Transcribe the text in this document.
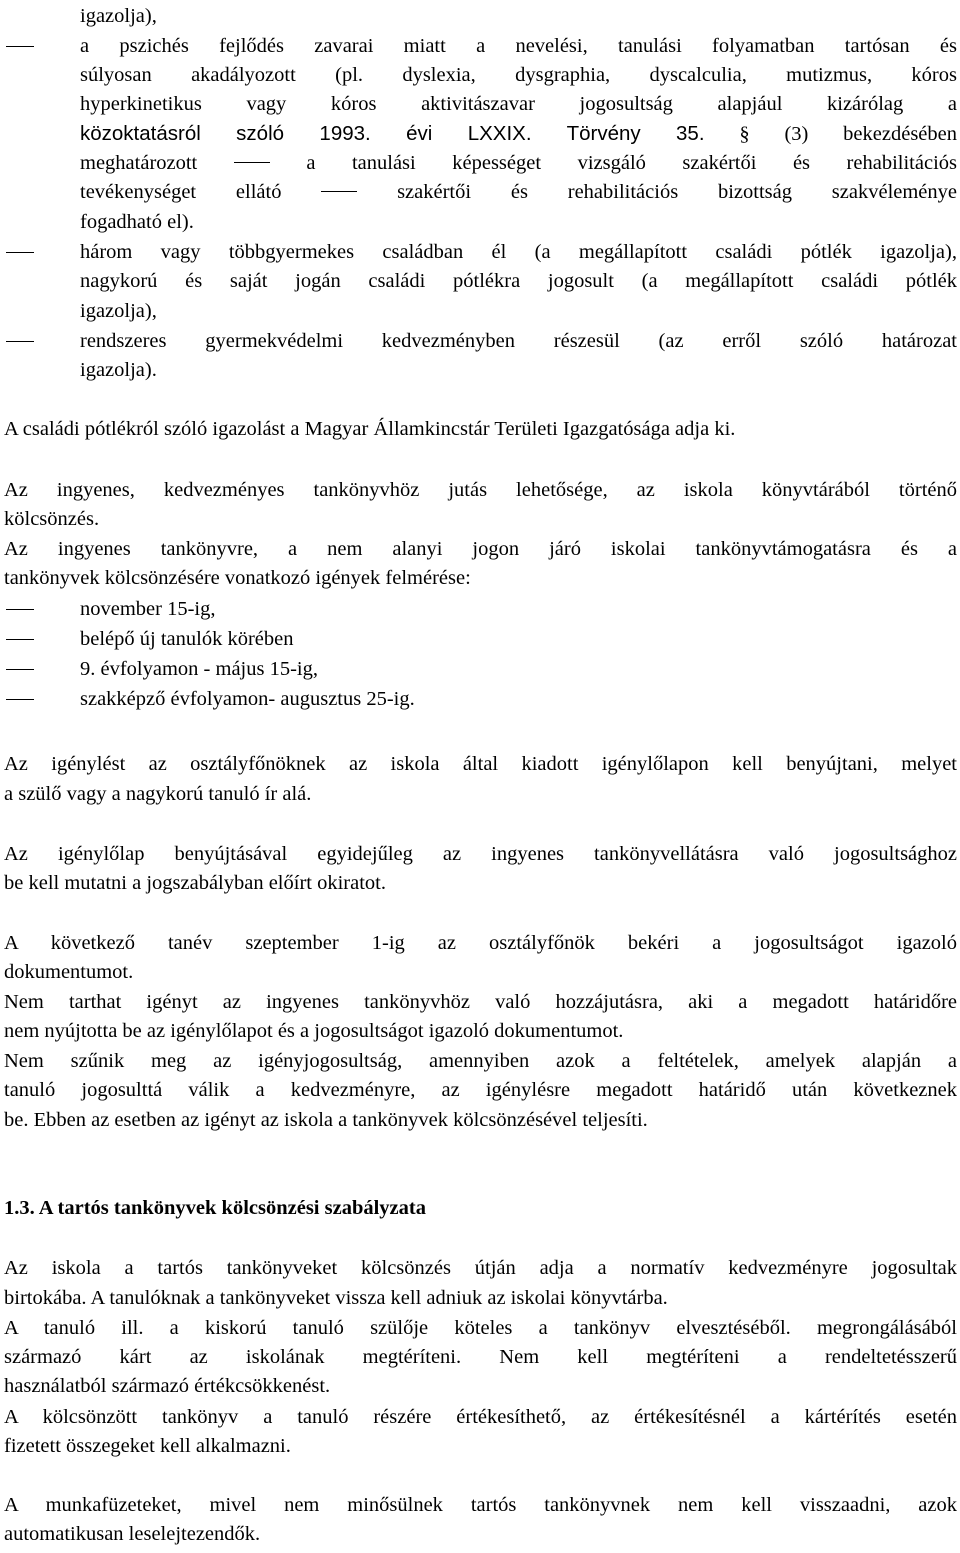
igazolja),
a pszichés fejlődés zavarai miatt a nevelési, tanulási folyamatban tartósan és
súlyosan akadályozott (pl. dyslexia, dysgraphia, dyscalculia, mutizmus, kóros
hyperkinetikus vagy kóros aktivitászavar jogosultság alapjául kizárólag a
közoktatásról szóló 1993. évi LXXIX. Törvény 35. § (3) bekezdésében
meghatározott	a tanulási képességet vizsgáló szakértői és rehabilitációs
tevékenységet ellátó	szakértői és rehabilitációs bizottság szakvéleménye
fogadható el).
három vagy többgyermekes családban él (a megállapított családi pótlék igazolja),
nagykorú és saját jogán családi pótlékra jogosult (a megállapított családi pótlék
igazolja),
rendszeres gyermekvédelmi kedvezményben részesül (az erről szóló határozat
igazolja).
A családi pótlékról szóló igazolást a Magyar Államkincstár Területi Igazgatósága adja ki.
Az ingyenes, kedvezményes tankönyvhöz jutás lehetősége, az iskola könyvtárából történő
kölcsönzés.
Az ingyenes tankönyvre, a nem alanyi jogon járó iskolai tankönyvtámogatásra és a
tankönyvek kölcsönzésére vonatkozó igények felmérése:
november 15-ig,
belépő új tanulók körében
9. évfolyamon - május 15-ig,
szakképző évfolyamon- augusztus 25-ig.
Az igénylést az osztályfőnöknek az iskola által kiadott igénylőlapon kell benyújtani, melyet
a szülő vagy a nagykorú tanuló ír alá.
Az igénylőlap benyújtásával egyidejűleg az ingyenes tankönyvellátásra való jogosultsághoz
be kell mutatni a jogszabályban előírt okiratot.
A következő tanév szeptember 1-ig az osztályfőnök bekéri a jogosultságot igazoló
dokumentumot.
Nem tarthat igényt az ingyenes tankönyvhöz való hozzájutásra, aki a megadott határidőre
nem nyújtotta be az igénylőlapot és a jogosultságot igazoló dokumentumot.
Nem szűnik meg az igényjogosultság, amennyiben azok a feltételek, amelyek alapján a
tanuló jogosulttá válik a kedvezményre, az igénylésre megadott határidő után következnek
be. Ebben az esetben az igényt az iskola a tankönyvek kölcsönzésével teljesíti.
1.3. A tartós tankönyvek kölcsönzési szabályzata
Az iskola a tartós tankönyveket kölcsönzés útján adja a normatív kedvezményre jogosultak
birtokába. A tanulóknak a tankönyveket vissza kell adniuk az iskolai könyvtárba.
A tanuló ill. a kiskorú tanuló szülője köteles a tankönyv elvesztéséből. megrongálásából
származó kárt az iskolának megtéríteni. Nem kell megtéríteni a rendeltetésszerű
használatból származó értékcsökkenést.
A kölcsönzött tankönyv a tanuló részére értékesíthető, az értékesítésnél a kártérítés esetén
fizetett összegeket kell alkalmazni.
A munkafüzeteket, mivel nem minősülnek tartós tankönyvnek nem kell visszaadni, azok
automatikusan leselejtezendők.
